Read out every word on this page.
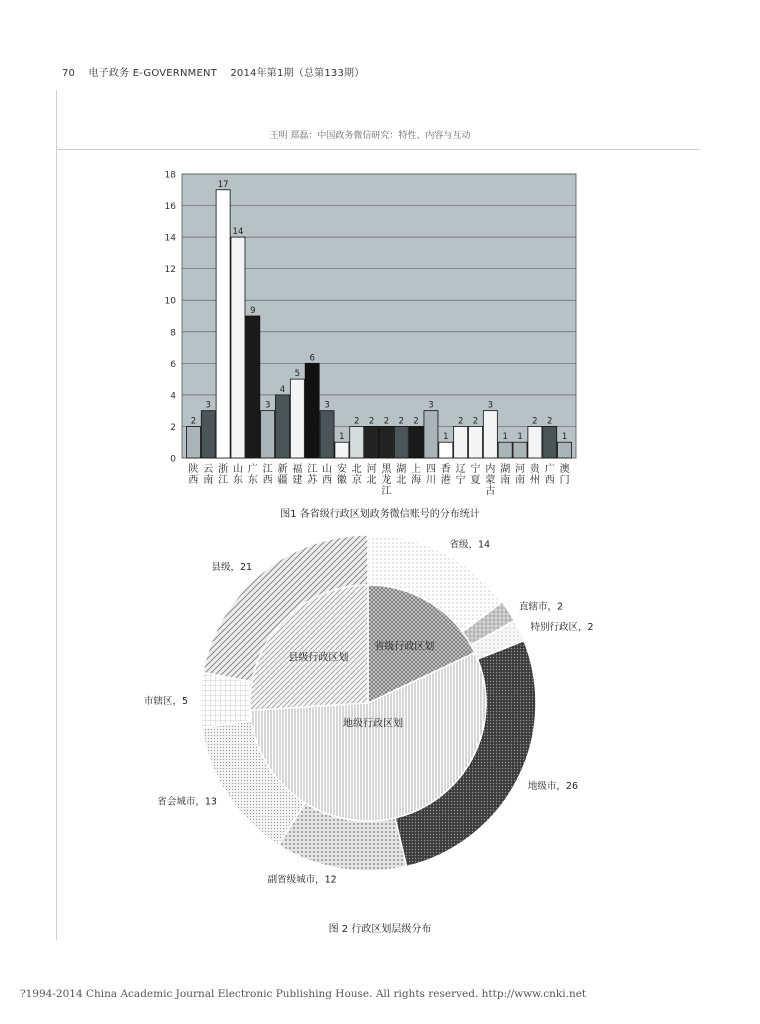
70 电子政务 E-GOVERNMENT 2014年第1期（总第133期）
王明 郑磊：中国政务微信研究：特性、内容与互动
0
2
4
6
8
10
12
14
16
18
2
陕
西
3
云
南
17
浙
江
14
山
东
9
广
东
3
江
西
4
新
疆
5
福
建
6
江
苏
3
山
西
1
安
徽
2
北
京
2
河
北
2
黑
龙
江
2
湖
北
2
上
海
3
四
川
1
香
港
2
辽
宁
2
宁
夏
3
内
蒙
古
1
湖
南
1
河
南
2
贵
州
2
广
西
1
澳
门
图1 各省级行政区划政务微信账号的分布统计
省级行政区划
地级行政区划
县级行政区划
省级，14
直辖市，2
特别行政区，2
地级市，26
副省级城市，12
省会城市，13
市辖区，5
县级，21
图 2 行政区划层级分布
?1994-2014 China Academic Journal Electronic Publishing House. All rights reserved. http://www.cnki.net
